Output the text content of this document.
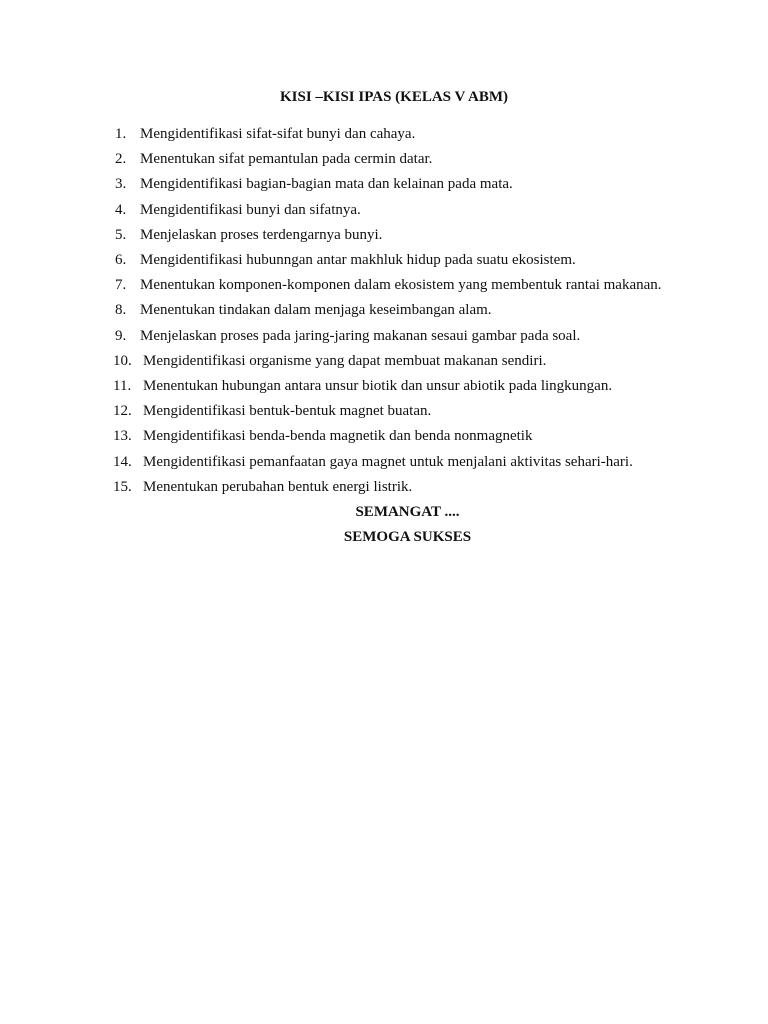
KISI –KISI IPAS (KELAS V ABM)
1. Mengidentifikasi sifat-sifat bunyi dan cahaya.
2. Menentukan sifat pemantulan pada cermin datar.
3. Mengidentifikasi bagian-bagian mata dan kelainan pada mata.
4. Mengidentifikasi bunyi dan sifatnya.
5. Menjelaskan proses terdengarnya bunyi.
6. Mengidentifikasi hubunngan antar makhluk hidup pada suatu ekosistem.
7. Menentukan komponen-komponen dalam ekosistem yang membentuk rantai makanan.
8. Menentukan tindakan dalam menjaga keseimbangan alam.
9. Menjelaskan proses pada jaring-jaring makanan sesaui gambar pada soal.
10. Mengidentifikasi organisme yang dapat membuat makanan sendiri.
11. Menentukan hubungan antara unsur biotik dan unsur abiotik pada lingkungan.
12. Mengidentifikasi bentuk-bentuk magnet buatan.
13. Mengidentifikasi benda-benda magnetik dan benda nonmagnetik
14. Mengidentifikasi pemanfaatan gaya magnet untuk menjalani aktivitas sehari-hari.
15. Menentukan perubahan bentuk energi listrik.
SEMANGAT ....
SEMOGA SUKSES
